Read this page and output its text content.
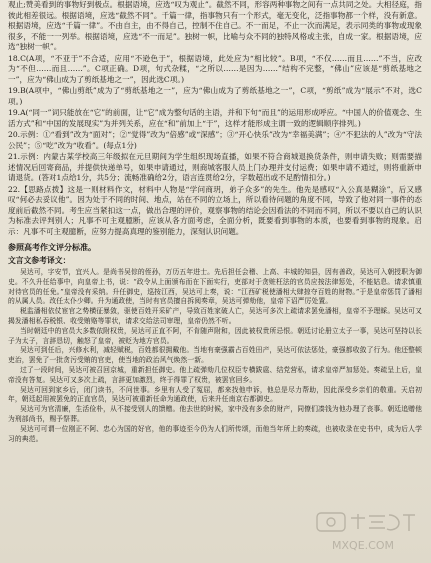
观止;赞美看到的事物好到极点。根据语境，应选“叹为观止”。截然不同，形容两种事物之间有一点共同之处。大相径庭，指彼此相差很远。根据语境，应选“截然不同”。千篇一律，指事物只有一个形式，毫无变化，泛指事物都一个样，没有新意。根据语境，应选“千篇一律”。不由自主，由不得自己，控制不住自己。不一而足，不止一次而满足，表示同类的事物或现象很多，不能一一列举。根据语境，应选“不一而足”。独树一帜，比喻与众不同的独特风格或主张，自成一家。根据语境，应选“独树一帜”。

18.C(A项，“不亚于”不合适，应用“不逊色于”，根据语境，此处应为“相比较”。B项，“不仅……而且……”不当，应改为“不但……而且……”。C项正确。D项，句式杂糅，“之所以……是因为……”结构不完整，“佛山”应该是“剪纸基地之一”，应为“佛山成为了剪纸基地之一”，因此选C项。)

19.B(A项中，“佛山剪纸”成为了“剪纸基地之一”，应为“佛山成为了剪纸基地之一”，C项，“剪纸”成为“展示”不对，选C项。)

19.A(“同一”词只能放在“它”的前面，让“它”成为整句话的主语，并和下句“而且”的运用形成呼应。“中国人的价值观念、生活方式”和“中国的发展现实”为并列关系，应在“和”前加上“于”，这样才能形成主谓一致的逻辑顺序排列。)

20.示例：①“看到”改为“面对”；②“觉得”改为“倍感”或“深感”；③“开心快乐”改为“幸福美满”；④“不犯法的人”改为“守法公民”；⑤“吃”改为“收看”。(每点1分)

21.示例：内蒙古某学校高三年级拟在元旦期间为学生组织现场直播，如果不符合商城退换货条件，则申请失败；则需要描述情况后回寄商品，并提供快递单号，如果申请通过，则商城客服人员上门办理并支付运费；如果申请不通过，则将重新申请退货。(答对1点给1分，共5分；流畅准确给2分，语言连贯给2分，字数超出或不足酌情扣分。)

22.【思路点拨】这是一则材料作文，材料中人物是“学问商玥，弟子众多”的先生。他先是感叹“入公真是糊涂”，后又感叹“何必去妥议他”。因为处于不同的时间、地点，站在不同的立场上，所以看待问题的角度不同，导致了他对同一事件的态度前后截然不同。考生应当紧扣这一点，做出合理的评价，观察事物的结论会因看法的不同而不同，所以不要以自己的认识为标准去评判别人；凡事不可主观臆断，应该从各方面考虑，全面分析，既要看到事物的本质，也要看到事物的现象。启示：凡事不可主观臆断，应努力提高真理的鉴别能力，深刻认识问题。

参照高考作文评分标准。

文言文参考译文：

吴达可，字安节，宜兴人。是尚书吴倧的侄孙，万历五年进士。先后担任会稽、上高、丰城的知县，因有善政，吴达可入朝授职为御史。不久升任给事中，向皇帝上书，说：“政令从上面颁布而在下面实行，吏部对于贪赃枉法的官员应按法律惩处，不能姑息。请求慎重对待官员的任免。”皇帝没有采纳。升任御史，巡按江西，吴达可上奏，说：“江西矿税使潘相大肆掠夺百姓的财物。”于是皇帝惩罚了潘相的从属人员。改任太仆少卿。升为通政使，当时有官员擅自拆阅奏章，吴达可弹劾他，皇帝下诏严厉处置。

税监潘相依仗宦官之势横征暴敛，驱使百姓开采矿产，导致百姓家破人亡，吴达可多次上疏请求罢免潘相，皇帝不予理睬。吴达可又揭发潘相私吞税银、收受贿赂等罪状，请求交给法司审理，皇帝仍然不听。

当时朝廷中的官员大多数依附权贵，吴达可正直不阿，不肯随声附和，因此被权贵所忌恨。朝廷讨论册立太子一事，吴达可坚持以长子为太子，言辞恳切，触怒了皇帝，被贬为地方官员。

吴达可到任后，兴修水利，减轻赋税，百姓都很拥戴他。当地有豪强霸占百姓田产，吴达可依法惩处，豪强都收敛了行为。他还整顿吏治，罢免了一批贪污受贿的官吏，使当地的政治风气焕然一新。

过了一段时间，吴达可被召回京城，重新担任御史。他上疏弹劾几位权臣专横跋扈、结党营私，请求皇帝严加惩处。奏疏呈上后，皇帝没有答复。吴达可又多次上疏，言辞更加激烈，终于得罪了权贵，被罢官回乡。

吴达可回到家乡后，闭门读书，不问世事。乡里有人受了冤屈，都来找他申诉，他总是尽力帮助，因此深受乡亲们的敬重。天启初年，朝廷起用被罢免的正直官员，吴达可被重新任命为通政使，后来升任南京右都御史。

吴达可为官清廉，生活俭朴，从不接受别人的馈赠。他去世的时候，家中没有多余的财产，同僚们凑钱为他办理了丧事。朝廷追赠他为刑部尚书，赐予祭葬。

吴达可可谓一位刚正不阿、忠心为国的好官，他的事迹至今仍为人们所传颂，而他当年所上的奏疏，也被收录在史书中，成为后人学习的典范。

MXQE.COM
